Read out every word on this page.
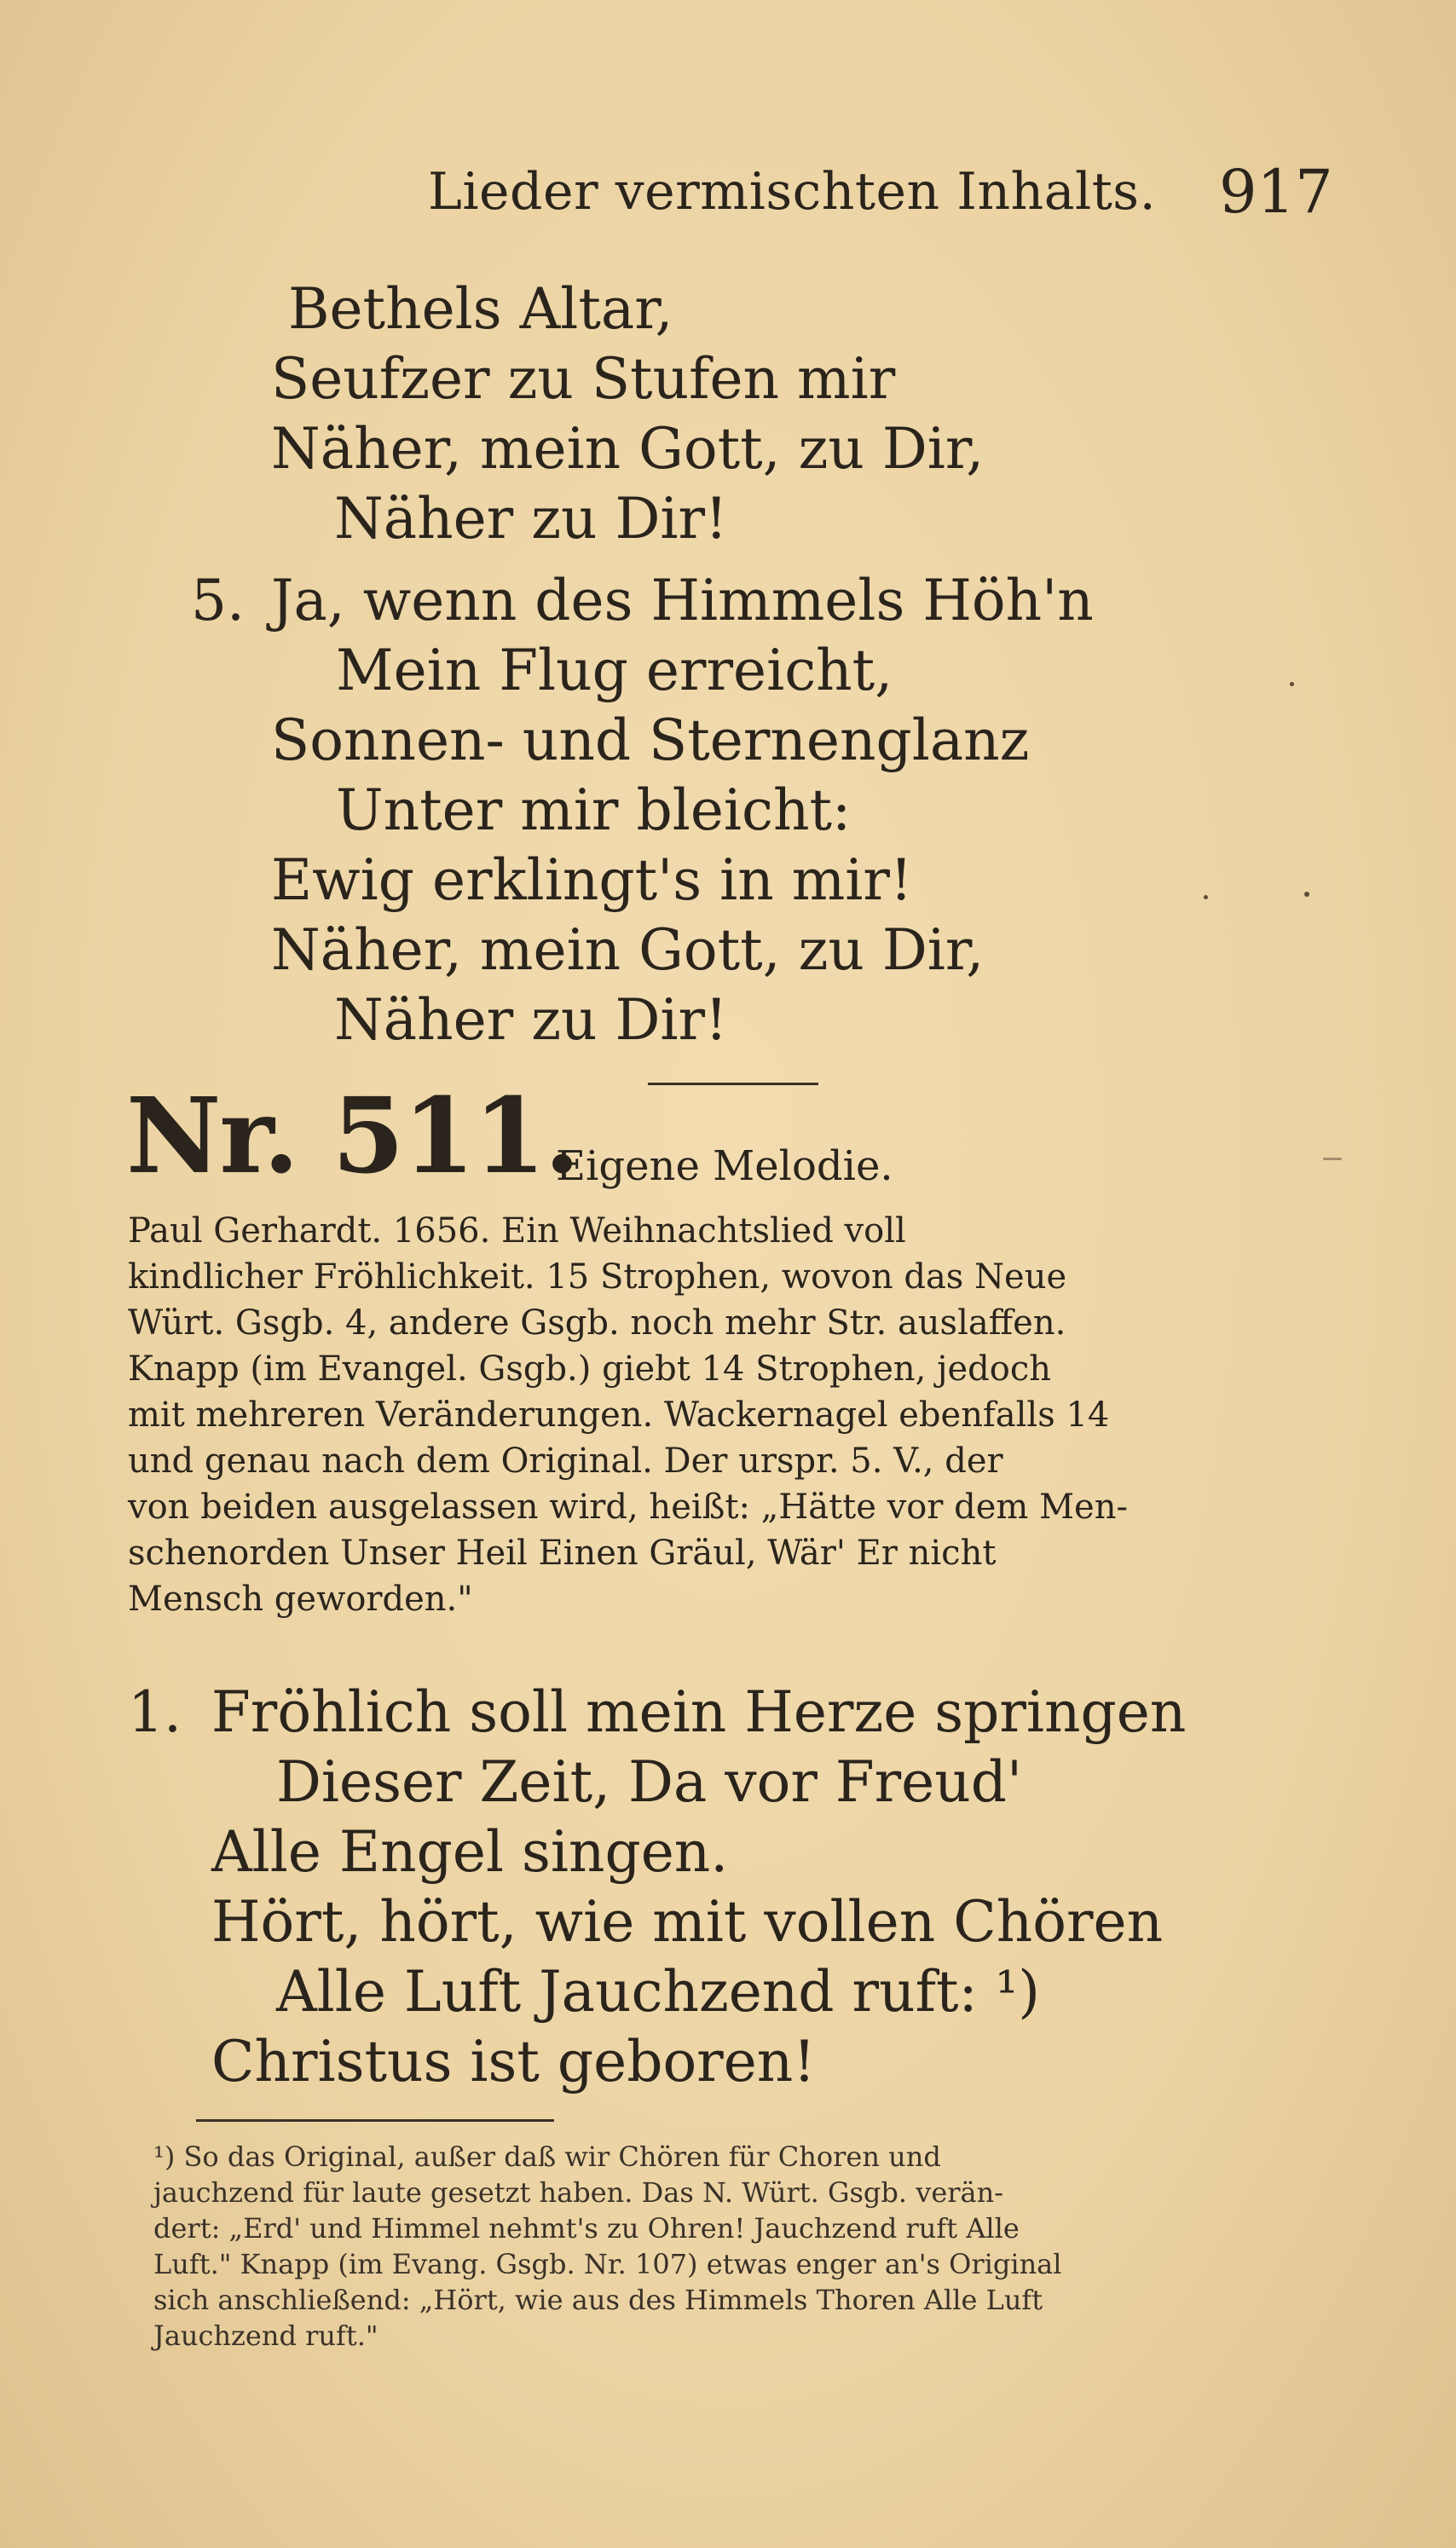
Lieder vermischten Inhalts. 917
Bethels Altar,
Seufzer zu Stufen mir
Näher, mein Gott, zu Dir,
Näher zu Dir!
5. Ja, wenn des Himmels Höh'n
Mein Flug erreicht,
Sonnen- und Sternenglanz
Unter mir bleicht:
Ewig erklingt's in mir!
Näher, mein Gott, zu Dir,
Näher zu Dir!
Nr. 511.
Eigene Melodie.
Paul Gerhardt. 1656. Ein Weihnachtslied voll
kindlicher Fröhlichkeit. 15 Strophen, wovon das Neue
Würt. Gsgb. 4, andere Gsgb. noch mehr Str. auslaffen.
Knapp (im Evangel. Gsgb.) giebt 14 Strophen, jedoch
mit mehreren Veränderungen. Wackernagel ebenfalls 14
und genau nach dem Original. Der urspr. 5. V., der
von beiden ausgelassen wird, heißt: „Hätte vor dem Men-
schenorden Unser Heil Einen Gräul, Wär' Er nicht
Mensch geworden."
1. Fröhlich soll mein Herze springen
Dieser Zeit, Da vor Freud'
Alle Engel singen.
Hört, hört, wie mit vollen Chören
Alle Luft Jauchzend ruft: ¹)
Christus ist geboren!
¹) So das Original, außer daß wir Chören für Choren und
jauchzend für laute gesetzt haben. Das N. Würt. Gsgb. verän-
dert: „Erd' und Himmel nehmt's zu Ohren! Jauchzend ruft Alle
Luft." Knapp (im Evang. Gsgb. Nr. 107) etwas enger an's Original
sich anschließend: „Hört, wie aus des Himmels Thoren Alle Luft
Jauchzend ruft."
